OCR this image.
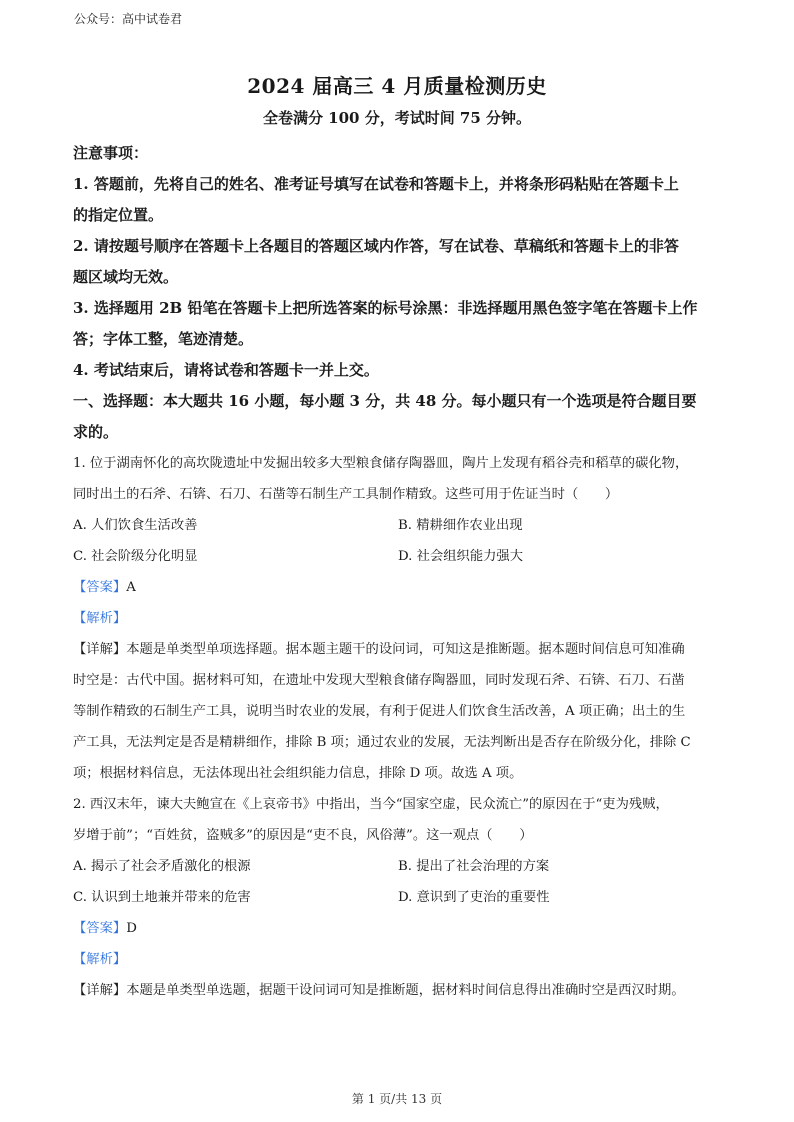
公众号：高中试卷君
2024 届高三 4 月质量检测历史
全卷满分 100 分，考试时间 75 分钟。

注意事项：

1. 答题前，先将自己的姓名、准考证号填写在试卷和答题卡上，并将条形码粘贴在答题卡上

的指定位置。

2. 请按题号顺序在答题卡上各题目的答题区域内作答，写在试卷、草稿纸和答题卡上的非答

题区域均无效。

3. 选择题用 2B 铅笔在答题卡上把所选答案的标号涂黑：非选择题用黑色签字笔在答题卡上作

答；字体工整，笔迹清楚。

4. 考试结束后，请将试卷和答题卡一并上交。

一、选择题：本大题共 16 小题，每小题 3 分，共 48 分。每小题只有一个选项是符合题目要

求的。

1. 位于湖南怀化的高坎陇遗址中发掘出较多大型粮食储存陶器皿，陶片上发现有稻谷壳和稻草的碳化物，

同时出土的石斧、石锛、石刀、石凿等石制生产工具制作精致。这些可用于佐证当时（　　）

A. 人们饮食生活改善	B. 精耕细作农业出现
C. 社会阶级分化明显	D. 社会组织能力强大

【答案】A

【解析】

【详解】本题是单类型单项选择题。据本题主题干的设问词，可知这是推断题。据本题时间信息可知准确

时空是：古代中国。据材料可知，在遗址中发现大型粮食储存陶器皿，同时发现石斧、石锛、石刀、石凿

等制作精致的石制生产工具，说明当时农业的发展，有利于促进人们饮食生活改善，A 项正确；出土的生

产工具，无法判定是否是精耕细作，排除 B 项；通过农业的发展，无法判断出是否存在阶级分化，排除 C

项；根据材料信息，无法体现出社会组织能力信息，排除 D 项。故选 A 项。

2. 西汉末年，谏大夫鲍宣在《上哀帝书》中指出，当今“国家空虚，民众流亡”的原因在于“吏为残贼，

岁增于前”；“百姓贫，盗贼多”的原因是“吏不良，风俗薄”。这一观点（　　）

A. 揭示了社会矛盾激化的根源	B. 提出了社会治理的方案
C. 认识到土地兼并带来的危害	D. 意识到了吏治的重要性

【答案】D

【解析】

【详解】本题是单类型单选题，据题干设问词可知是推断题，据材料时间信息得出准确时空是西汉时期。

第 1 页/共 13 页
